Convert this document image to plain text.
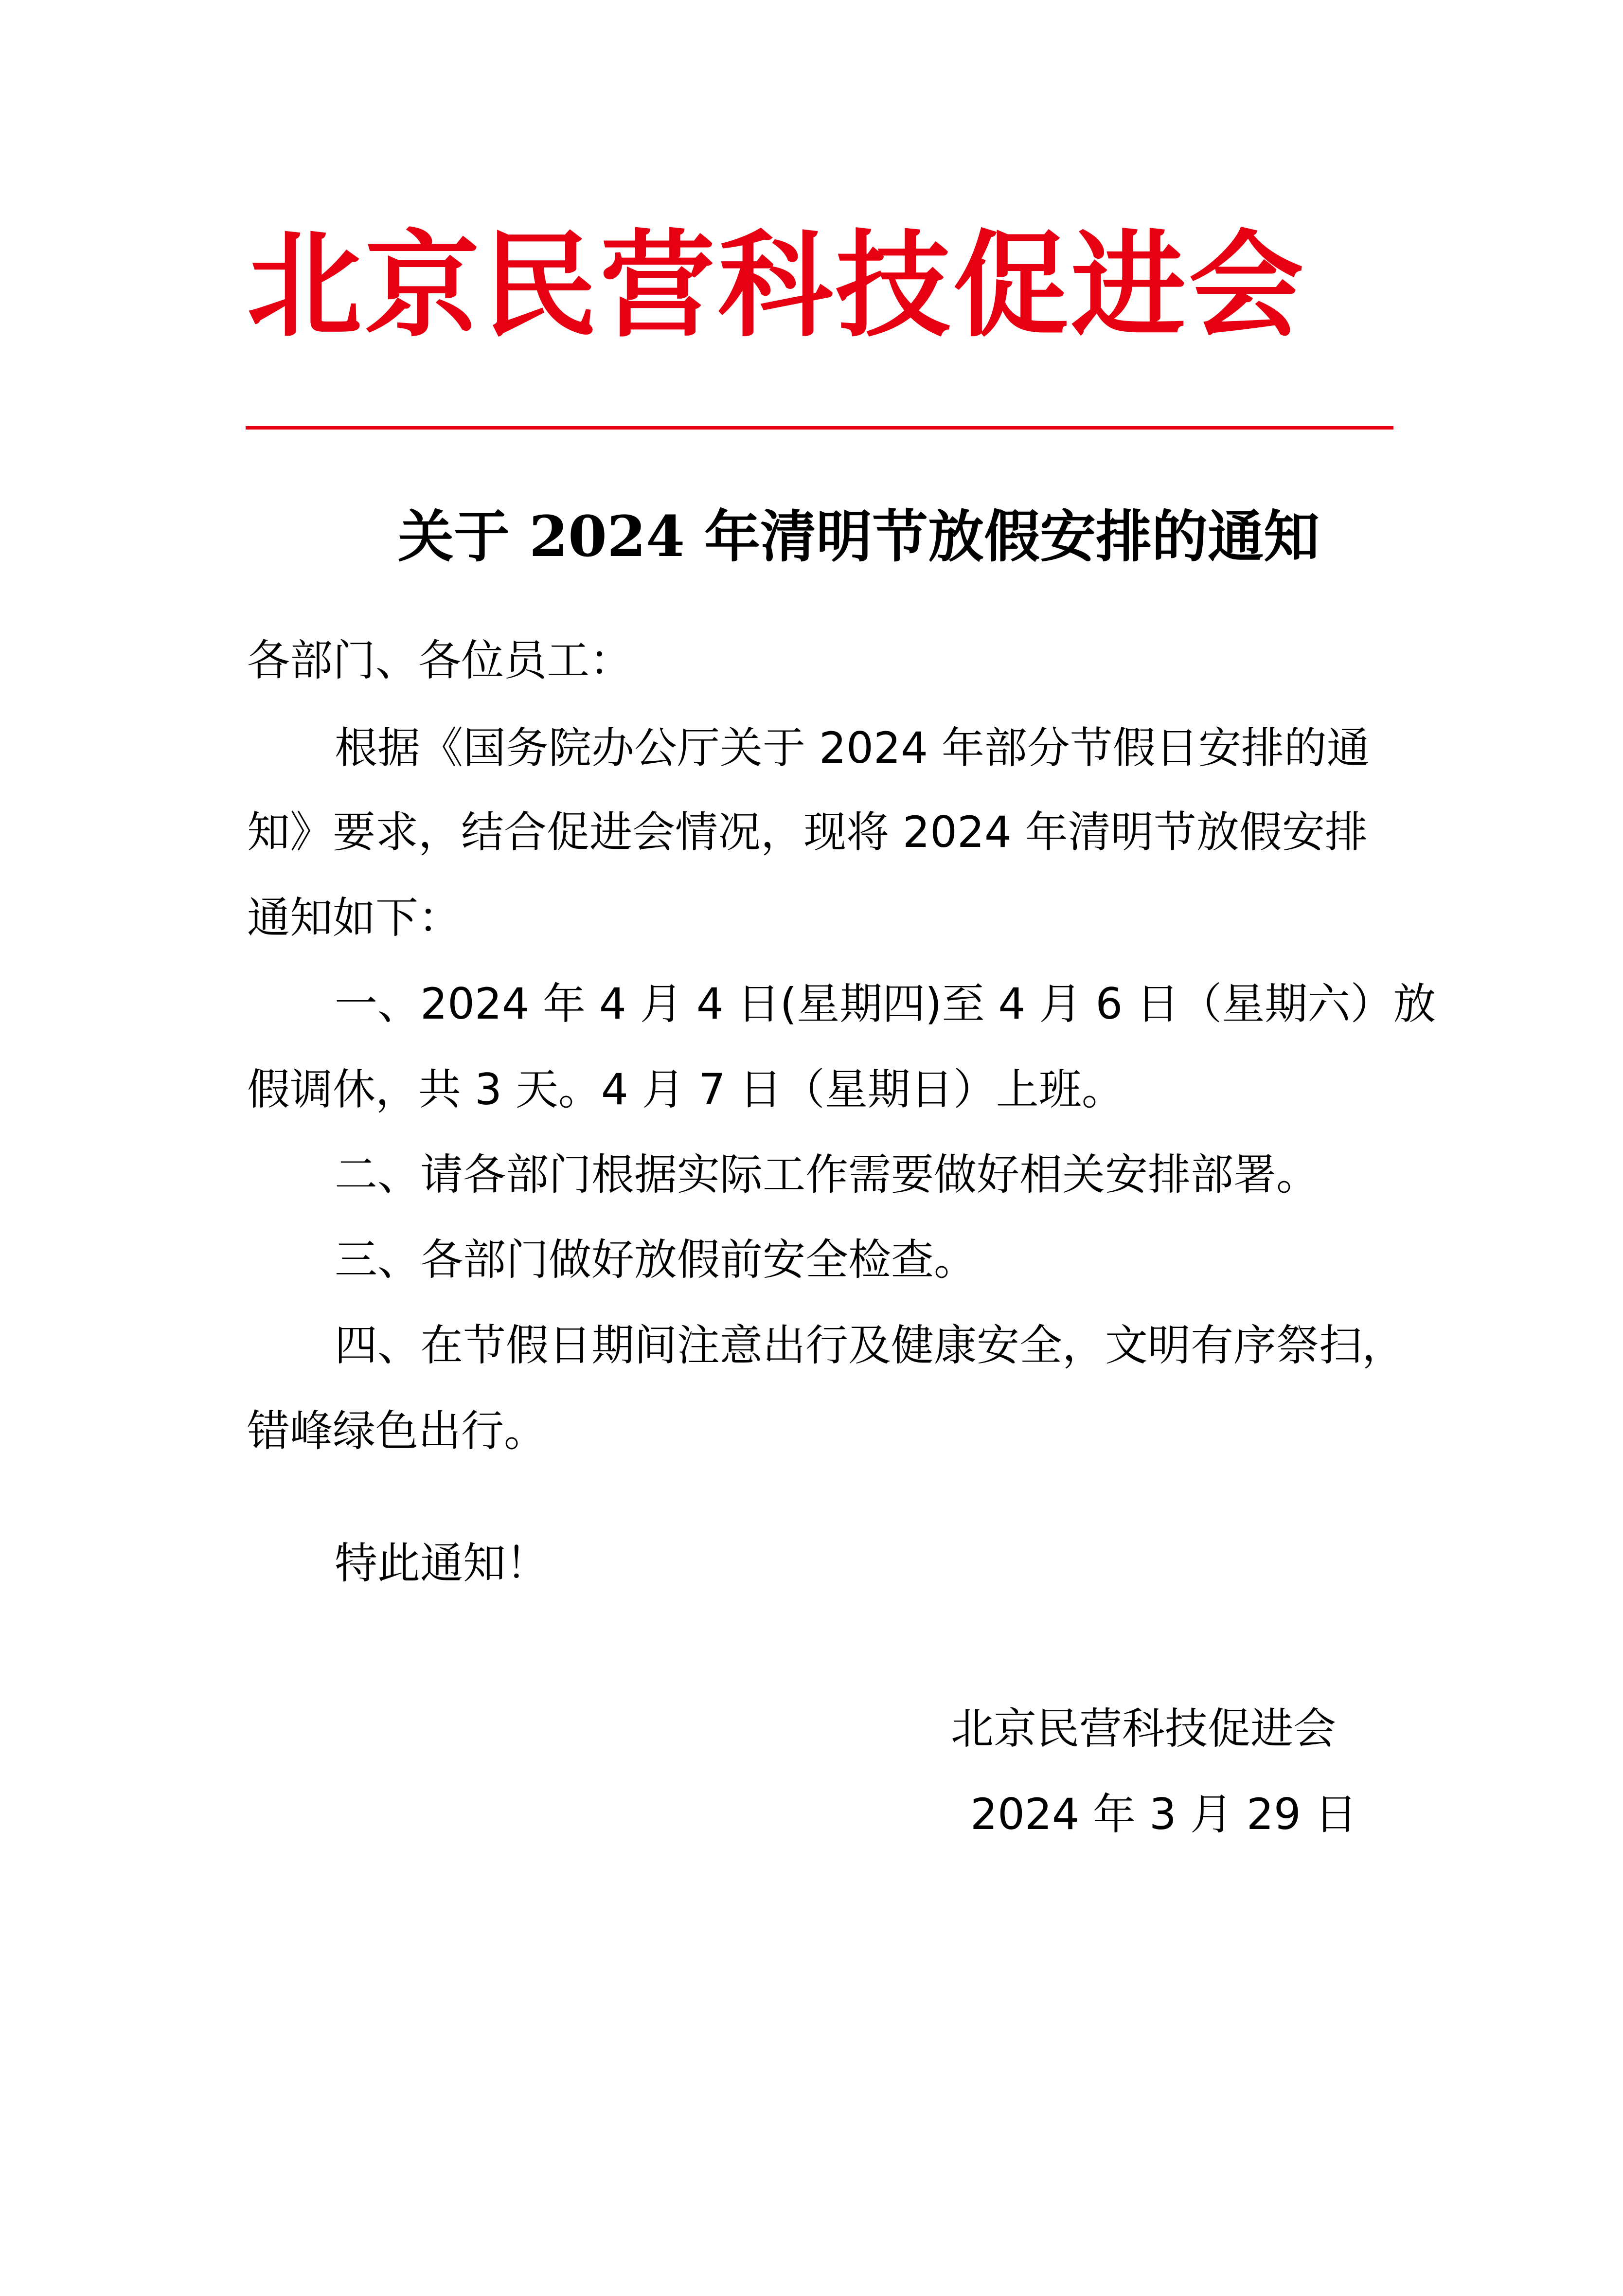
北京民营科技促进会
关于 2024 年清明节放假安排的通知
各部门、各位员工：
根据《国务院办公厅关于 2024 年部分节假日安排的通
知》要求，结合促进会情况，现将 2024 年清明节放假安排
通知如下：
一、2024 年 4 月 4 日(星期四)至 4 月 6 日（星期六）放
假调休，共 3 天。4 月 7 日（星期日）上班。
二、请各部门根据实际工作需要做好相关安排部署。
三、各部门做好放假前安全检查。
四、在节假日期间注意出行及健康安全，文明有序祭扫，
错峰绿色出行。
特此通知！
北京民营科技促进会
2024 年 3 月 29 日
